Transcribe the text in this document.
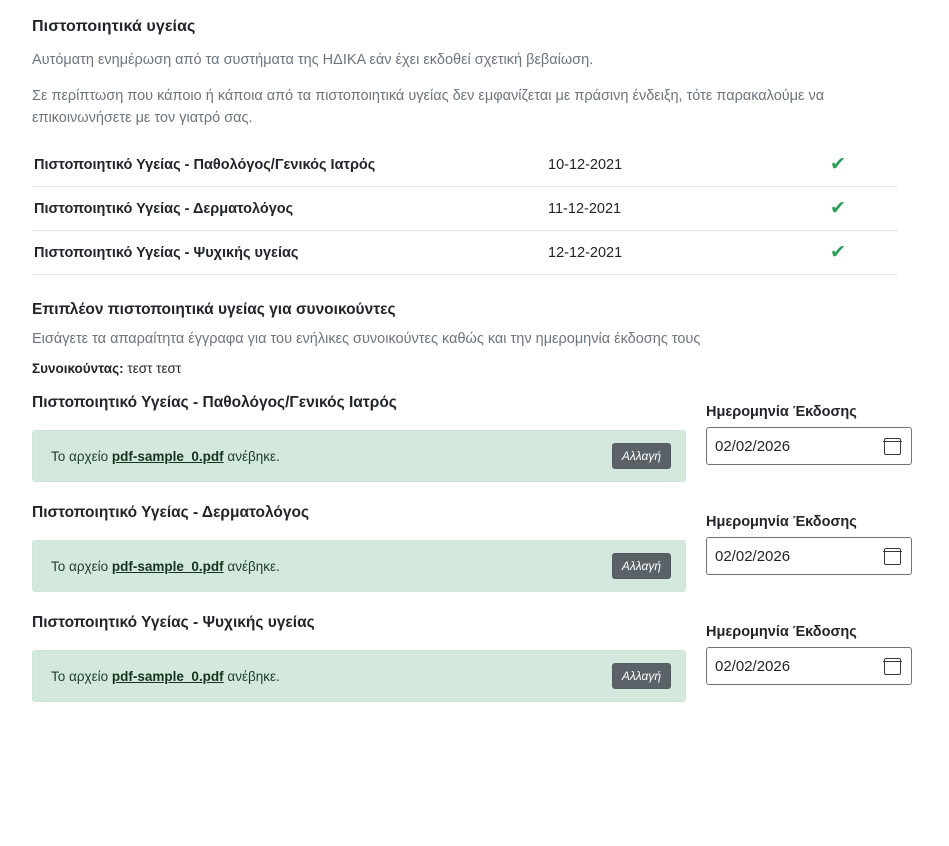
Πιστοποιητικά υγείας

Αυτόματη ενημέρωση από τα συστήματα της ΗΔΙΚΑ εάν έχει εκδοθεί σχετική βεβαίωση.

Σε περίπτωση που κάποιο ή κάποια από τα πιστοποιητικά υγείας δεν εμφανίζεται με πράσινη ένδειξη, τότε παρακαλούμε να επικοινωνήσετε με τον γιατρό σας.

Πιστοποιητικό Υγείας - Παθολόγος/Γενικός Ιατρός	10-12-2021	✔
Πιστοποιητικό Υγείας - Δερματολόγος	11-12-2021	✔
Πιστοποιητικό Υγείας - Ψυχικής υγείας	12-12-2021	✔
Επιπλέον πιστοποιητικά υγείας για συνοικούντες

Εισάγετε τα απαραίτητα έγγραφα για του ενήλικες συνοικούντες καθώς και την ημερομηνία έκδοσης τους

Συνοικούντας: τεστ τεστ

Πιστοποιητικό Υγείας - Παθολόγος/Γενικός Ιατρός
Το αρχείο pdf-sample_0.pdf ανέβηκε.	Αλλαγή
Ημερομηνία Έκδοσης
02/02/2026
Πιστοποιητικό Υγείας - Δερματολόγος
Το αρχείο pdf-sample_0.pdf ανέβηκε.	Αλλαγή
Ημερομηνία Έκδοσης
02/02/2026
Πιστοποιητικό Υγείας - Ψυχικής υγείας
Το αρχείο pdf-sample_0.pdf ανέβηκε.	Αλλαγή
Ημερομηνία Έκδοσης
02/02/2026
